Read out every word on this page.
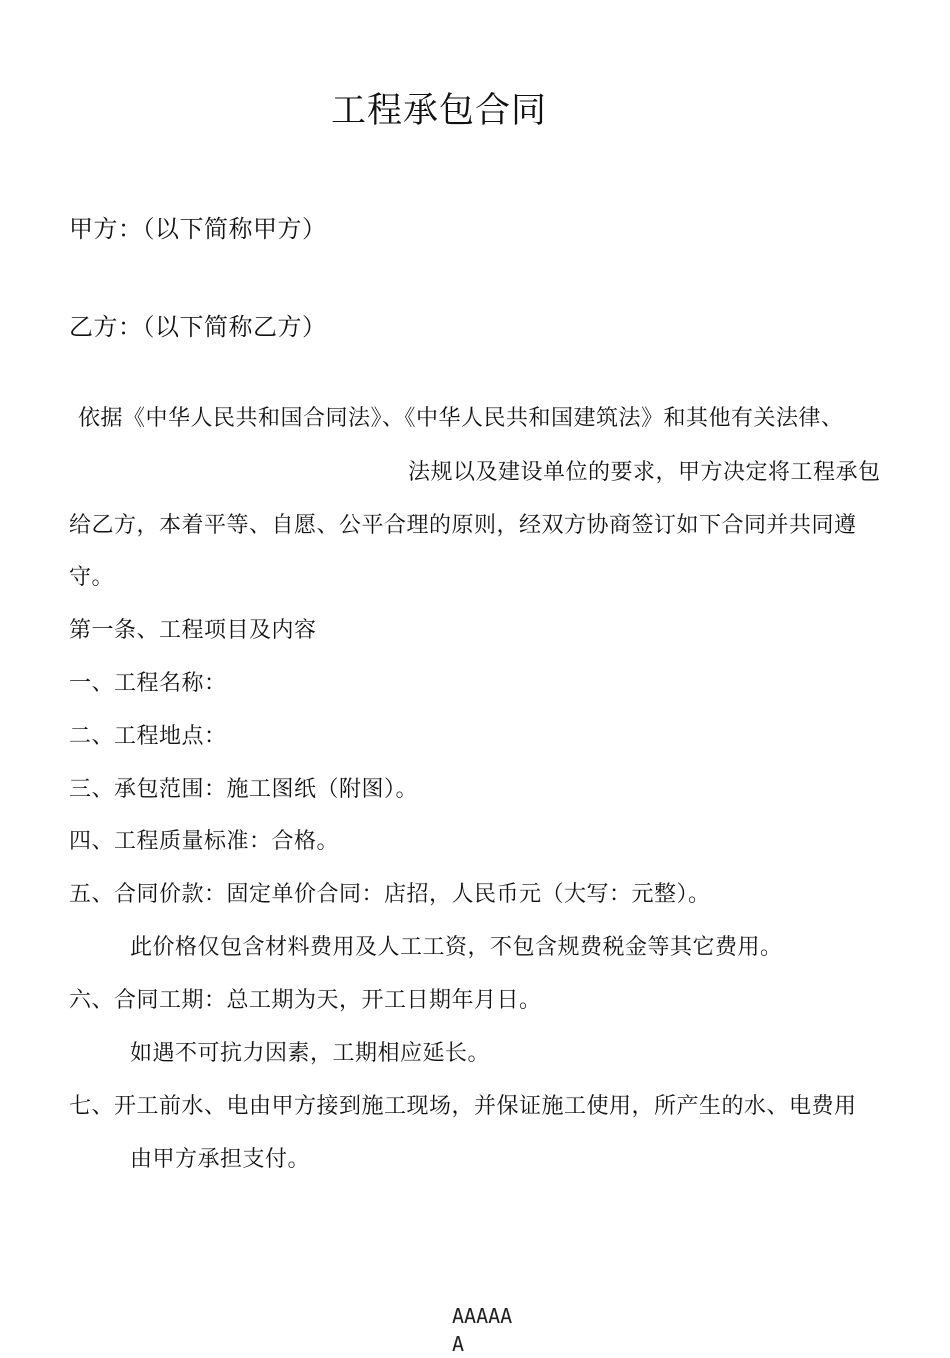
工程承包合同
甲方：（以下简称甲方）
乙方：（以下简称乙方）
依据《中华人民共和国合同法》、《中华人民共和国建筑法》和其他有关法律、
法规以及建设单位的要求，甲方决定将工程承包
给乙方，本着平等、自愿、公平合理的原则，经双方协商签订如下合同并共同遵
守。
第一条、工程项目及内容
一、工程名称：
二、工程地点：
三、承包范围：施工图纸（附图）。
四、工程质量标准：合格。
五、合同价款：固定单价合同：店招，人民币元（大写：元整）。
此价格仅包含材料费用及人工工资，不包含规费税金等其它费用。
六、合同工期：总工期为天，开工日期年月日。
如遇不可抗力因素，工期相应延长。
七、开工前水、电由甲方接到施工现场，并保证施工使用，所产生的水、电费用
由甲方承担支付。
AAAAA
A
